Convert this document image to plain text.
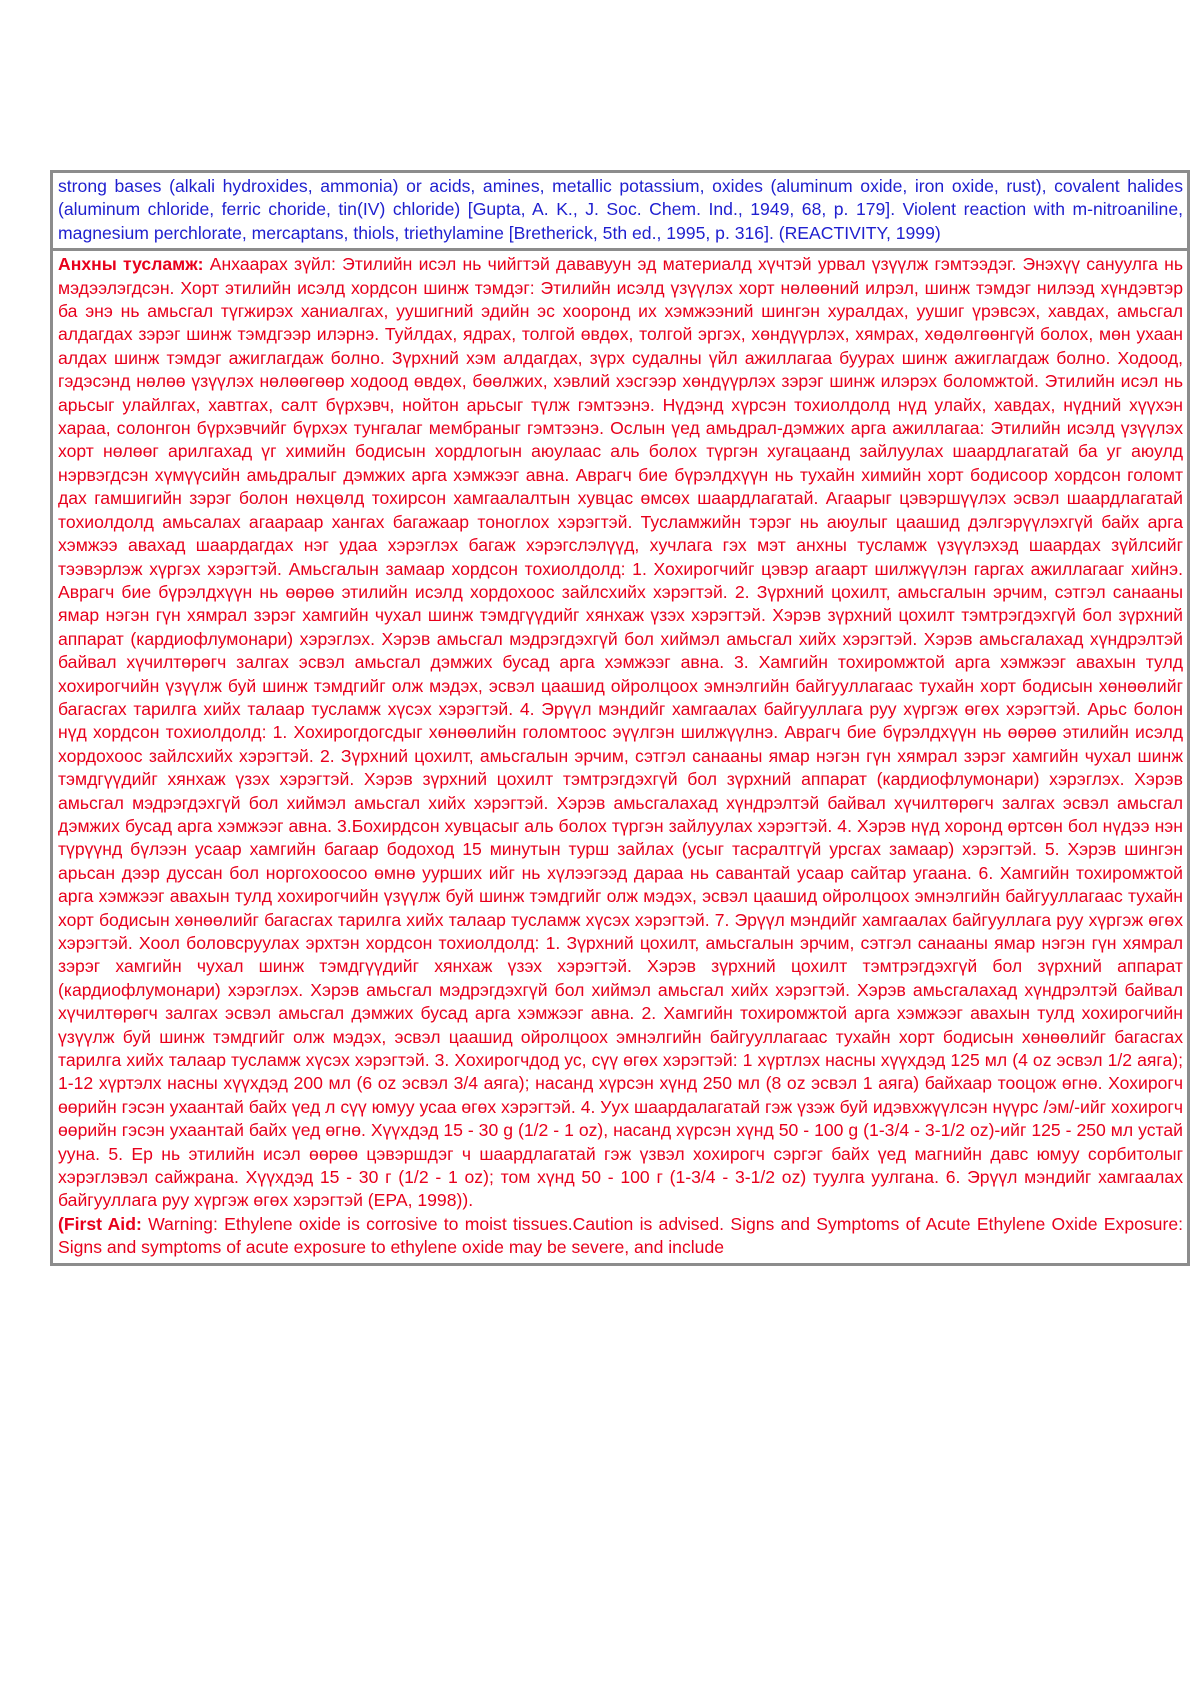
strong bases (alkali hydroxides, ammonia) or acids, amines, metallic potassium, oxides (aluminum oxide, iron oxide, rust), covalent halides (aluminum chloride, ferric choride, tin(IV) chloride) [Gupta, A. K., J. Soc. Chem. Ind., 1949, 68, p. 179]. Violent reaction with m-nitroaniline, magnesium perchlorate, mercaptans, thiols, triethylamine [Bretherick, 5th ed., 1995, p. 316]. (REACTIVITY, 1999)
Анхны тусламж: Анхаарах зүйл: Этилийн исэл нь чийгтэй дававуун эд материалд хүчтэй урвал үзүүлж гэмтээдэг. Энэхүү сануулга нь мэдээлэгдсэн. Хорт этилийн исэлд хордсон шинж тэмдэг: Этилийн исэлд үзүүлэх хорт нөлөөний илрэл, шинж тэмдэг нилээд хүндэвтэр ба энэ нь амьсгал түгжирэх ханиалгах, уушигний эдийн эс хооронд их хэмжээний шингэн хуралдах, уушиг үрэвсэх, хавдах, амьсгал алдагдах зэрэг шинж тэмдгээр илэрнэ. Туйлдах, ядрах, толгой өвдөх, толгой эргэх, хөндүүрлэх, хямрах, хөдөлгөөнгүй болох, мөн ухаан алдах шинж тэмдэг ажиглагдаж болно. Зүрхний хэм алдагдах, зүрх судалны үйл ажиллагаа буурах шинж ажиглагдаж болно. Ходоод, гэдэсэнд нөлөө үзүүлэх нөлөөгөөр ходоод өвдөх, бөөлжих, хэвлий хэсгээр хөндүүрлэх зэрэг шинж илэрэх боломжтой. Этилийн исэл нь арьсыг улайлгах, хавтгах, салт бүрхэвч, нойтон арьсыг түлж гэмтээнэ. Нүдэнд хүрсэн тохиолдолд нүд улайх, хавдах, нүдний хүүхэн хараа, солонгон бүрхэвчийг бүрхэх тунгалаг мембраныг гэмтээнэ. Ослын үед амьдрал-дэмжих арга ажиллагаа: Этилийн исэлд үзүүлэх хорт нөлөөг арилгахад үг химийн бодисын хордлогын аюулаас аль болох түргэн хугацаанд зайлуулах шаардлагатай ба уг аюулд нэрвэгдсэн хүмүүсийн амьдралыг дэмжих арга хэмжээг авна. Аврагч бие бүрэлдхүүн нь тухайн химийн хорт бодисоор хордсон голомт дах гамшигийн зэрэг болон нөхцөлд тохирсон хамгаалалтын хувцас өмсөх шаардлагатай. Агаарыг цэвэршүүлэх эсвэл шаардлагатай тохиолдолд амьсалах агаараар хангах багажаар тоноглох хэрэгтэй. Тусламжийн тэрэг нь аюулыг цаашид дэлгэрүүлэхгүй байх арга хэмжээ авахад шаардагдах нэг удаа хэрэглэх багаж хэрэгслэлүүд, хучлага гэх мэт анхны тусламж үзүүлэхэд шаардах зүйлсийг тээвэрлэж хүргэх хэрэгтэй. Амьсгалын замаар хордсон тохиолдолд: 1. Хохирогчийг цэвэр агаарт шилжүүлэн гаргах ажиллагааг хийнэ. Аврагч бие бүрэлдхүүн нь өөрөө этилийн исэлд хордохоос зайлсхийх хэрэгтэй. 2. Зүрхний цохилт, амьсгалын эрчим, сэтгэл санааны ямар нэгэн гүн хямрал зэрэг хамгийн чухал шинж тэмдгүүдийг хянхаж үзэх хэрэгтэй. Хэрэв зүрхний цохилт тэмтрэгдэхгүй бол зүрхний аппарат (кардиофлумонари) хэрэглэх. Хэрэв амьсгал мэдрэгдэхгүй бол хиймэл амьсгал хийх хэрэгтэй. Хэрэв амьсгалахад хүндрэлтэй байвал хүчилтөрөгч залгах эсвэл амьсгал дэмжих бусад арга хэмжээг авна. 3. Хамгийн тохиромжтой арга хэмжээг авахын тулд хохирогчийн үзүүлж буй шинж тэмдгийг олж мэдэх, эсвэл цаашид ойролцоох эмнэлгийн байгууллагаас тухайн хорт бодисын хөнөөлийг багасгах тарилга хийх талаар тусламж хүсэх хэрэгтэй. 4. Эрүүл мэндийг хамгаалах байгууллага руу хүргэж өгөх хэрэгтэй. Арьс болон нүд хордсон тохиолдолд: 1. Хохирогдогсдыг хөнөөлийн голомтоос эүүлгэн шилжүүлнэ. Аврагч бие бүрэлдхүүн нь өөрөө этилийн исэлд хордохоос зайлсхийх хэрэгтэй. 2. Зүрхний цохилт, амьсгалын эрчим, сэтгэл санааны ямар нэгэн гүн хямрал зэрэг хамгийн чухал шинж тэмдгүүдийг хянхаж үзэх хэрэгтэй. Хэрэв зүрхний цохилт тэмтрэгдэхгүй бол зүрхний аппарат (кардиофлумонари) хэрэглэх. Хэрэв амьсгал мэдрэгдэхгүй бол хиймэл амьсгал хийх хэрэгтэй. Хэрэв амьсгалахад хүндрэлтэй байвал хүчилтөрөгч залгах эсвэл амьсгал дэмжих бусад арга хэмжээг авна. 3.Бохирдсон хувцасыг аль болох түргэн зайлуулах хэрэгтэй. 4. Хэрэв нүд хоронд өртсөн бол нүдээ нэн түрүүнд бүлээн усаар хамгийн багаар бодоход 15 минутын турш зайлах (усыг тасралтгүй урсгах замаар) хэрэгтэй. 5. Хэрэв шингэн арьсан дээр дуссан бол норгохоосоо өмнө уурших ийг нь хүлээгээд дараа нь савантай усаар сайтар угаана. 6. Хамгийн тохиромжтой арга хэмжээг авахын тулд хохирогчийн үзүүлж буй шинж тэмдгийг олж мэдэх, эсвэл цаашид ойролцоох эмнэлгийн байгууллагаас тухайн хорт бодисын хөнөөлийг багасгах тарилга хийх талаар тусламж хүсэх хэрэгтэй. 7. Эрүүл мэндийг хамгаалах байгууллага руу хүргэж өгөх хэрэгтэй. Хоол боловсруулах эрхтэн хордсон тохиолдолд: 1. Зүрхний цохилт, амьсгалын эрчим, сэтгэл санааны ямар нэгэн гүн хямрал зэрэг хамгийн чухал шинж тэмдгүүдийг хянхаж үзэх хэрэгтэй. Хэрэв зүрхний цохилт тэмтрэгдэхгүй бол зүрхний аппарат (кардиофлумонари) хэрэглэх. Хэрэв амьсгал мэдрэгдэхгүй бол хиймэл амьсгал хийх хэрэгтэй. Хэрэв амьсгалахад хүндрэлтэй байвал хүчилтөрөгч залгах эсвэл амьсгал дэмжих бусад арга хэмжээг авна. 2. Хамгийн тохиромжтой арга хэмжээг авахын тулд хохирогчийн үзүүлж буй шинж тэмдгийг олж мэдэх, эсвэл цаашид ойролцоох эмнэлгийн байгууллагаас тухайн хорт бодисын хөнөөлийг багасгах тарилга хийх талаар тусламж хүсэх хэрэгтэй. 3. Хохирогчдод ус, сүү өгөх хэрэгтэй: 1 хүртлэх насны хүүхдэд 125 мл (4 oz эсвэл 1/2 аяга); 1-12 хүртэлх насны хүүхдэд 200 мл (6 oz эсвэл 3/4 аяга); насанд хүрсэн хүнд 250 мл (8 oz эсвэл 1 аяга) байхаар тооцож өгнө. Хохирогч өөрийн гэсэн ухаантай байх үед л сүү юмуу усаа өгөх хэрэгтэй. 4. Уух шаардалагатай гэж үзэж буй идэвхжүүлсэн нүүрс /эм/-ийг хохирогч өөрийн гэсэн ухаантай байх үед өгнө. Хүүхдэд 15 - 30 g (1/2 - 1 oz), насанд хүрсэн хүнд 50 - 100 g (1-3/4 - 3-1/2 oz)-ийг 125 - 250 мл устай ууна. 5. Ер нь этилийн исэл өөрөө цэвэршдэг ч шаардлагатай гэж үзвэл хохирогч сэргэг байх үед магнийн давс юмуу сорбитолыг хэрэглэвэл сайжрана. Хүүхдэд 15 - 30 г (1/2 - 1 oz); том хүнд 50 - 100 г (1-3/4 - 3-1/2 oz) туулга уулгана. 6. Эрүүл мэндийг хамгаалах байгууллага руу хүргэж өгөх хэрэгтэй (EPA, 1998)).
(First Aid: Warning: Ethylene oxide is corrosive to moist tissues.Caution is advised. Signs and Symptoms of Acute Ethylene Oxide Exposure: Signs and symptoms of acute exposure to ethylene oxide may be severe, and include
